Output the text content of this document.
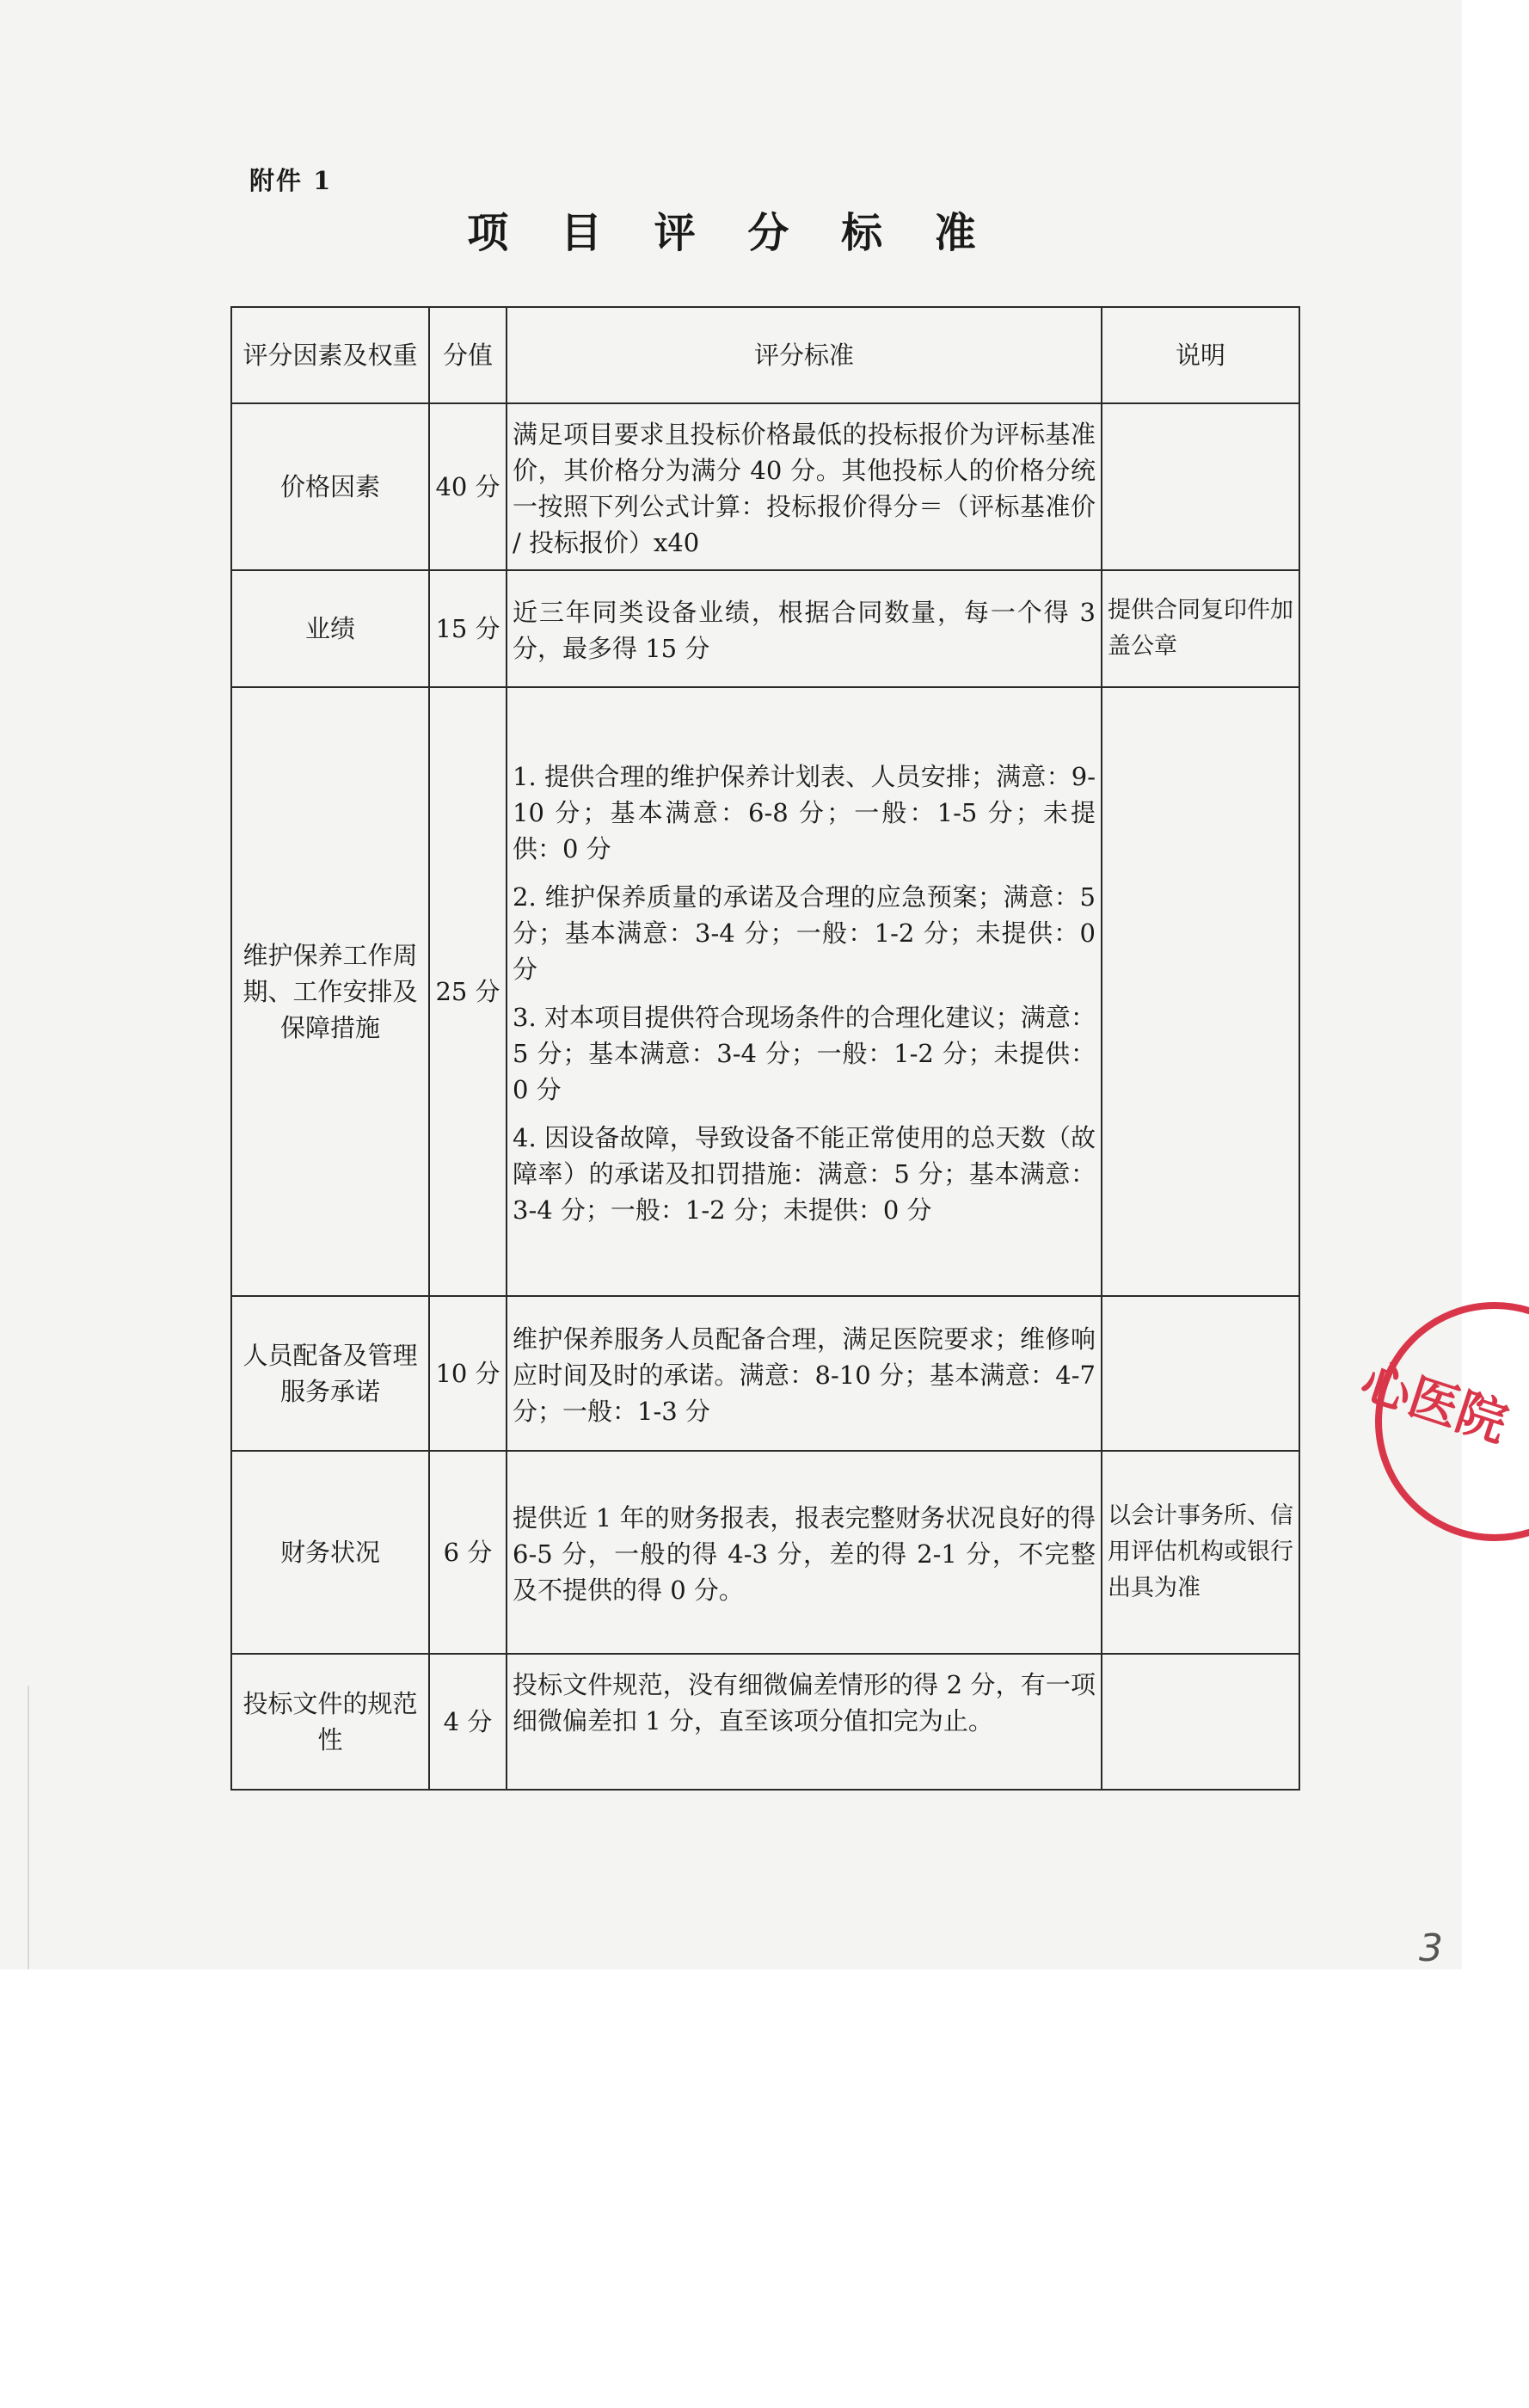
附件 1
项 目 评 分 标 准
评分因素及权重	分值	评分标准	说明
价格因素	40 分	满足项目要求且投标价格最低的投标报价为评标基准价，其价格分为满分 40 分。其他投标人的价格分统一按照下列公式计算：投标报价得分＝（评标基准价 / 投标报价）x40	

业绩	15 分	近三年同类设备业绩，根据合同数量，每一个得 3 分，最多得 15 分	提供合同复印件加盖公章
维护保养工作周期、工作安排及保障措施	25 分	1. 提供合理的维护保养计划表、人员安排；满意：9-10 分；基本满意：6-8 分；一般：1-5 分；未提供：0 分
2. 维护保养质量的承诺及合理的应急预案；满意：5 分；基本满意：3-4 分；一般：1-2 分；未提供：0 分
3. 对本项目提供符合现场条件的合理化建议；满意：5 分；基本满意：3-4 分；一般：1-2 分；未提供：0 分
4. 因设备故障，导致设备不能正常使用的总天数（故障率）的承诺及扣罚措施：满意：5 分；基本满意：3-4 分；一般：1-2 分；未提供：0 分	

人员配备及管理服务承诺	10 分	维护保养服务人员配备合理，满足医院要求；维修响应时间及时的承诺。满意：8-10 分；基本满意：4-7 分；一般：1-3 分	

财务状况	6 分	提供近 1 年的财务报表，报表完整财务状况良好的得 6-5 分，一般的得 4-3 分，差的得 2-1 分，不完整及不提供的得 0 分。	以会计事务所、信用评估机构或银行出具为准
投标文件的规范性	4 分	投标文件规范，没有细微偏差情形的得 2 分，有一项细微偏差扣 1 分，直至该项分值扣完为止。	

心医院
3
